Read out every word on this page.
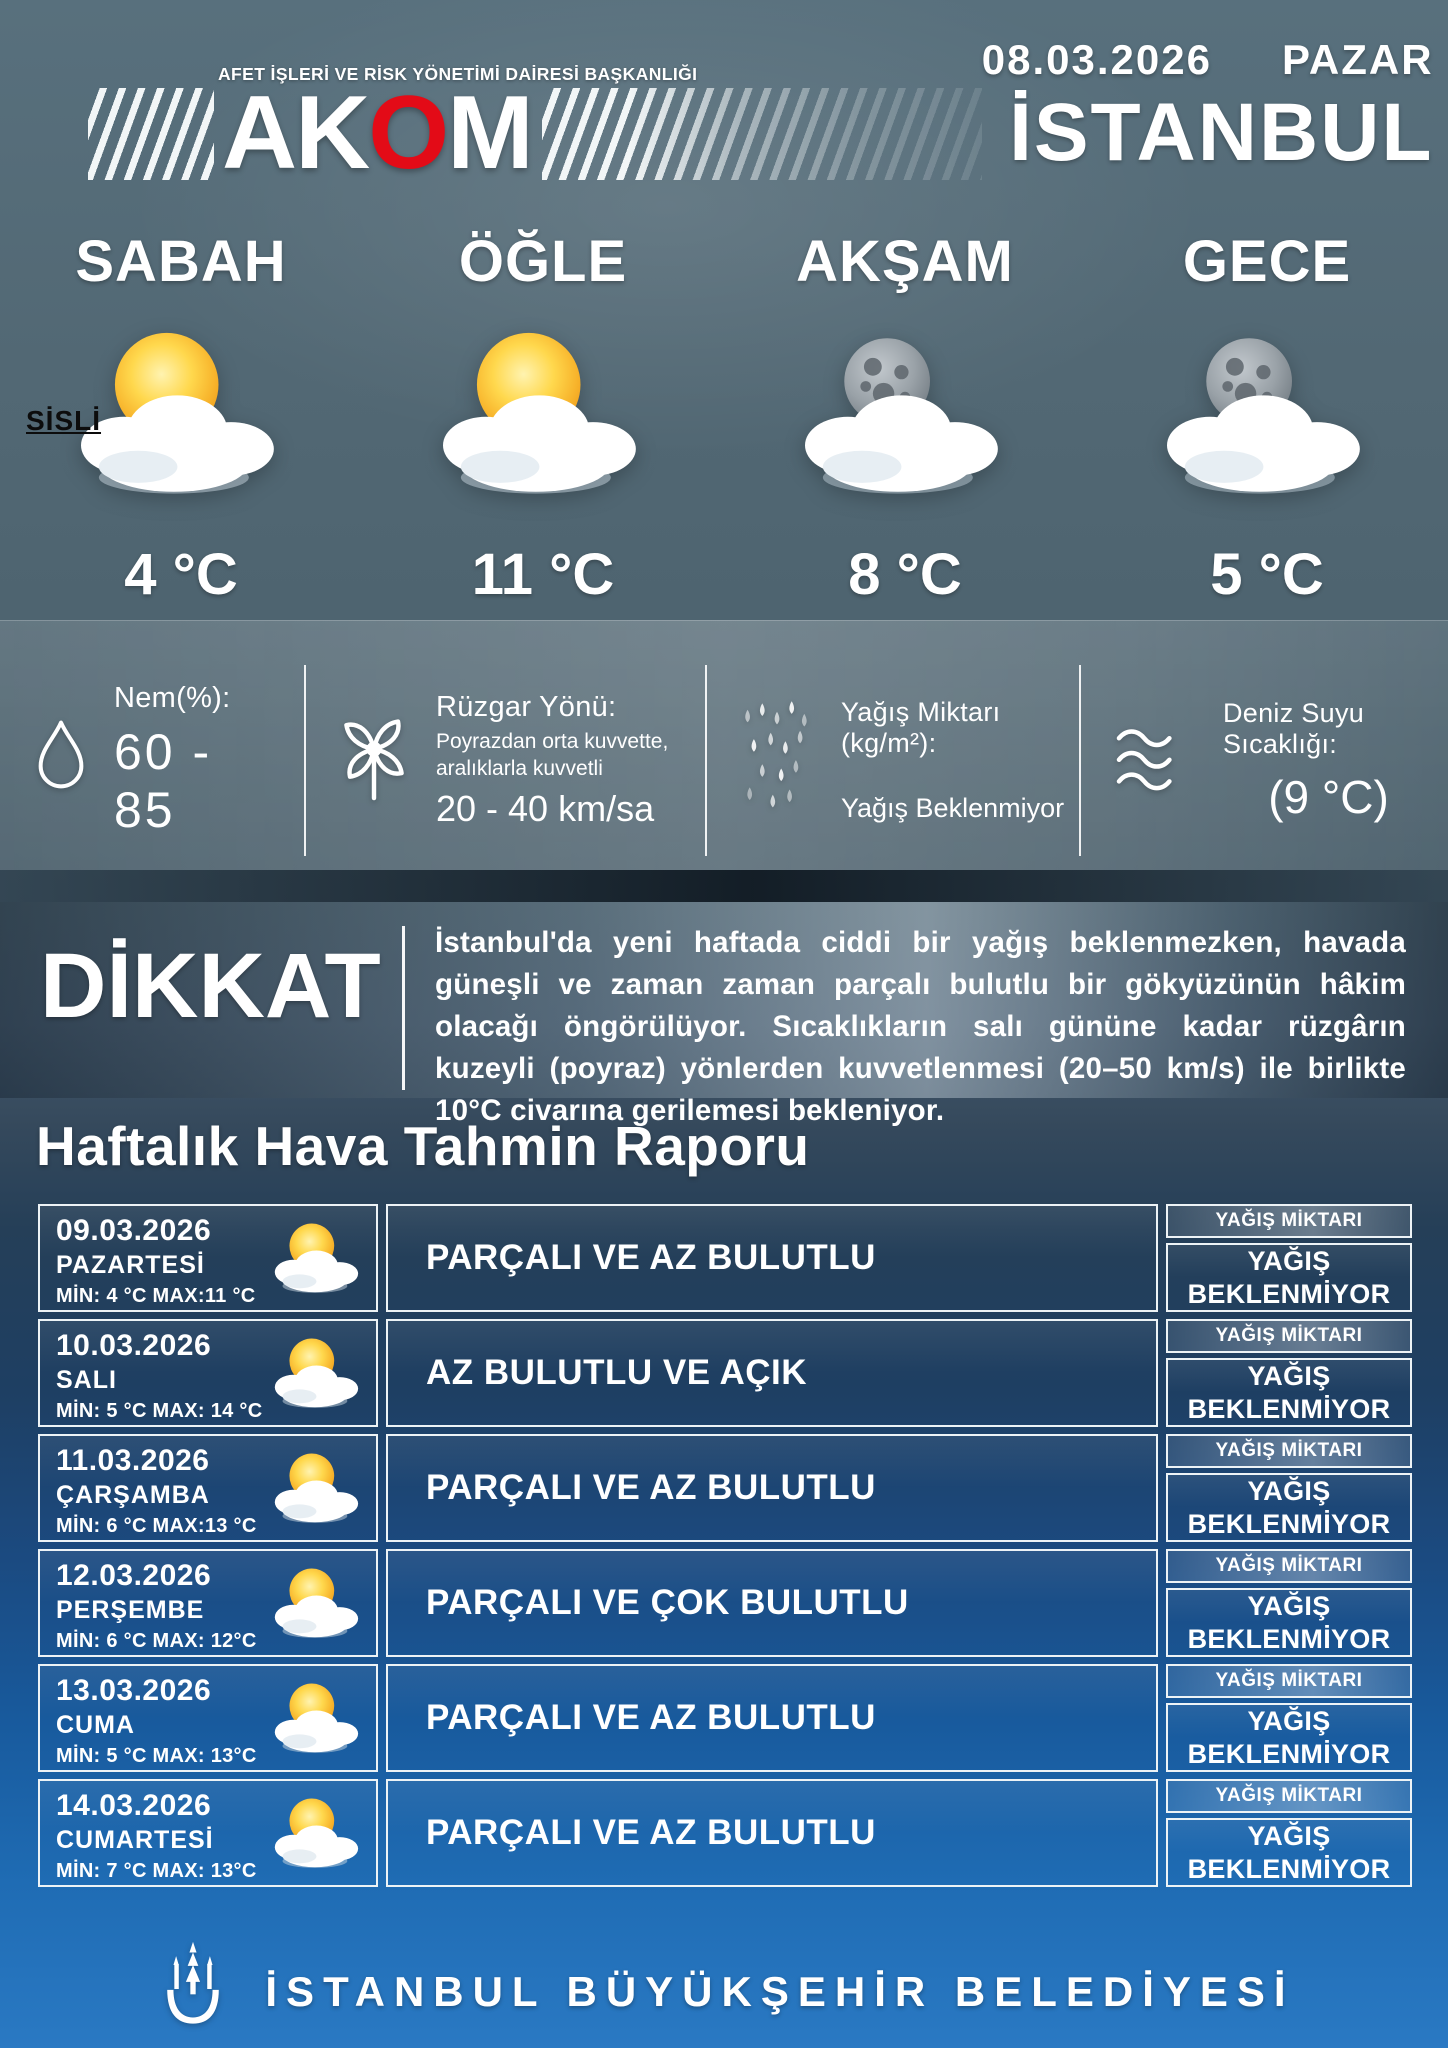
AFET İŞLERİ VE RİSK YÖNETİMİ DAİRESİ BAŞKANLIĞI
AKOM
08.03.2026 PAZAR
İSTANBUL
SABAH
SİSLİ
4 °C
ÖĞLE
11 °C
AKŞAM
8 °C
GECE
5 °C
Nem(%):
60 - 85
Rüzgar Yönü:
Poyrazdan orta kuvvette, aralıklarla kuvvetli
20 - 40 km/sa
Yağış Miktarı (kg/m²):
Yağış Beklenmiyor
Deniz Suyu Sıcaklığı:
(9 °C)
DİKKAT	İstanbul'da yeni haftada ciddi bir yağış beklenmezken, havada güneşli ve zaman zaman parçalı bulutlu bir gökyüzünün hâkim olacağı öngörülüyor. Sıcaklıkların salı gününe kadar rüzgârın kuzeyli (poyraz) yönlerden kuvvetlenmesi (20–50 km/s) ile birlikte 10°C civarına gerilemesi bekleniyor.

Haftalık Hava Tahmin Raporu
09.03.2026
PAZARTESİ
MİN: 4 °C MAX:11 °C
PARÇALI VE AZ BULUTLU
YAĞIŞ MİKTARI
YAĞIŞ BEKLENMİYOR
10.03.2026
SALI
MİN: 5 °C MAX: 14 °C
AZ BULUTLU VE AÇIK
YAĞIŞ MİKTARI
YAĞIŞ BEKLENMİYOR
11.03.2026
ÇARŞAMBA
MİN: 6 °C MAX:13 °C
PARÇALI VE AZ BULUTLU
YAĞIŞ MİKTARI
YAĞIŞ BEKLENMİYOR
12.03.2026
PERŞEMBE
MİN: 6 °C MAX: 12°C
PARÇALI VE ÇOK BULUTLU
YAĞIŞ MİKTARI
YAĞIŞ BEKLENMİYOR
13.03.2026
CUMA
MİN: 5 °C MAX: 13°C
PARÇALI VE AZ BULUTLU
YAĞIŞ MİKTARI
YAĞIŞ BEKLENMİYOR
14.03.2026
CUMARTESİ
MİN: 7 °C MAX: 13°C
PARÇALI VE AZ BULUTLU
YAĞIŞ MİKTARI
YAĞIŞ BEKLENMİYOR
İSTANBUL BÜYÜKŞEHİR BELEDİYESİ
